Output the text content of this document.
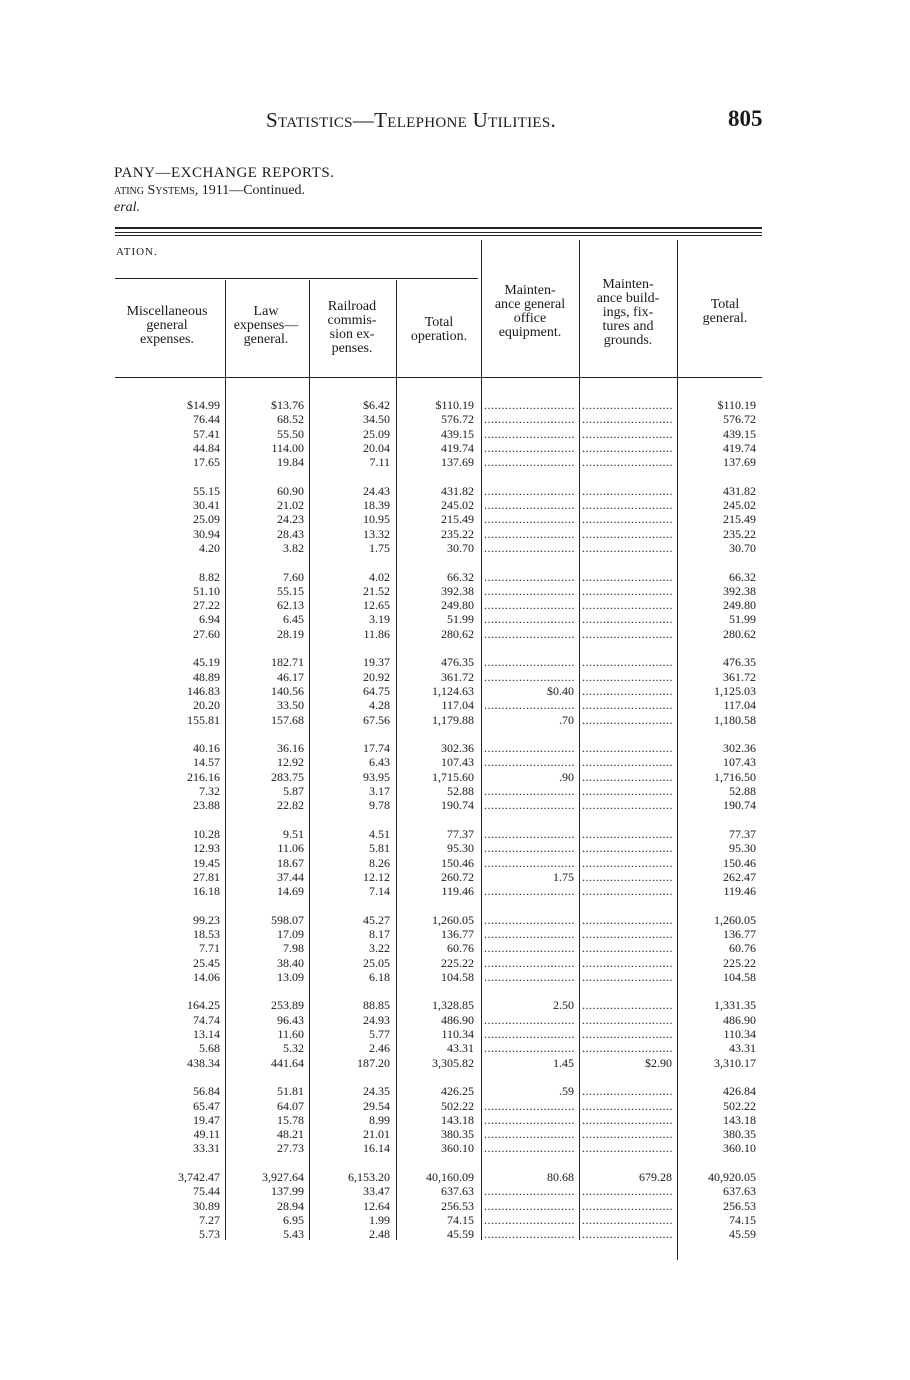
Statistics—Telephone Utilities.	805
PANY—EXCHANGE REPORTS.
ating Systems, 1911—Continued.
eral.
ATION.
Miscellaneous
general
expenses.
Law
expenses—
general.
Railroad
commis-
sion ex-
penses.
Total
operation.
Mainten-
ance general
office
equipment.
Mainten-
ance build-
ings, fix-
tures and
grounds.
Total
general.
$14.99
76.44
57.41
44.84
17.65
55.15
30.41
25.09
30.94
4.20
8.82
51.10
27.22
6.94
27.60
45.19
48.89
146.83
20.20
155.81
40.16
14.57
216.16
7.32
23.88
10.28
12.93
19.45
27.81
16.18
99.23
18.53
7.71
25.45
14.06
164.25
74.74
13.14
5.68
438.34
56.84
65.47
19.47
49.11
33.31
3,742.47
75.44
30.89
7.27
5.73
$13.76
68.52
55.50
114.00
19.84
60.90
21.02
24.23
28.43
3.82
7.60
55.15
62.13
6.45
28.19
182.71
46.17
140.56
33.50
157.68
36.16
12.92
283.75
5.87
22.82
9.51
11.06
18.67
37.44
14.69
598.07
17.09
7.98
38.40
13.09
253.89
96.43
11.60
5.32
441.64
51.81
64.07
15.78
48.21
27.73
3,927.64
137.99
28.94
6.95
5.43
$6.42
34.50
25.09
20.04
7.11
24.43
18.39
10.95
13.32
1.75
4.02
21.52
12.65
3.19
11.86
19.37
20.92
64.75
4.28
67.56
17.74
6.43
93.95
3.17
9.78
4.51
5.81
8.26
12.12
7.14
45.27
8.17
3.22
25.05
6.18
88.85
24.93
5.77
2.46
187.20
24.35
29.54
8.99
21.01
16.14
6,153.20
33.47
12.64
1.99
2.48
$110.19
576.72
439.15
419.74
137.69
431.82
245.02
215.49
235.22
30.70
66.32
392.38
249.80
51.99
280.62
476.35
361.72
1,124.63
117.04
1,179.88
302.36
107.43
1,715.60
52.88
190.74
77.37
95.30
150.46
260.72
119.46
1,260.05
136.77
60.76
225.22
104.58
1,328.85
486.90
110.34
43.31
3,305.82
426.25
502.22
143.18
380.35
360.10
40,160.09
637.63
256.53
74.15
45.59
.....
.....
.....
.....
.....
.....
.....
.....
.....
.....
.....
.....
.....
.....
.....
.....
.....
$0.40
.....
.70
.....
.....
.90
.....
.....
.....
.....
.....
1.75
.....
.....
.....
.....
.....
.....
2.50
.....
.....
.....
1.45
.59
.....
.....
.....
.....
80.68
.....
.....
.....
.....
.....
.....
.....
.....
.....
.....
.....
.....
.....
.....
.....
.....
.....
.....
.....
.....
.....
.....
.....
.....
.....
.....
.....
.....
.....
.....
.....
.....
.....
.....
.....
.....
.....
.....
.....
.....
.....
.....
.....
$2.90
.....
.....
.....
.....
.....
679.28
.....
.....
.....
.....
$110.19
576.72
439.15
419.74
137.69
431.82
245.02
215.49
235.22
30.70
66.32
392.38
249.80
51.99
280.62
476.35
361.72
1,125.03
117.04
1,180.58
302.36
107.43
1,716.50
52.88
190.74
77.37
95.30
150.46
262.47
119.46
1,260.05
136.77
60.76
225.22
104.58
1,331.35
486.90
110.34
43.31
3,310.17
426.84
502.22
143.18
380.35
360.10
40,920.05
637.63
256.53
74.15
45.59
